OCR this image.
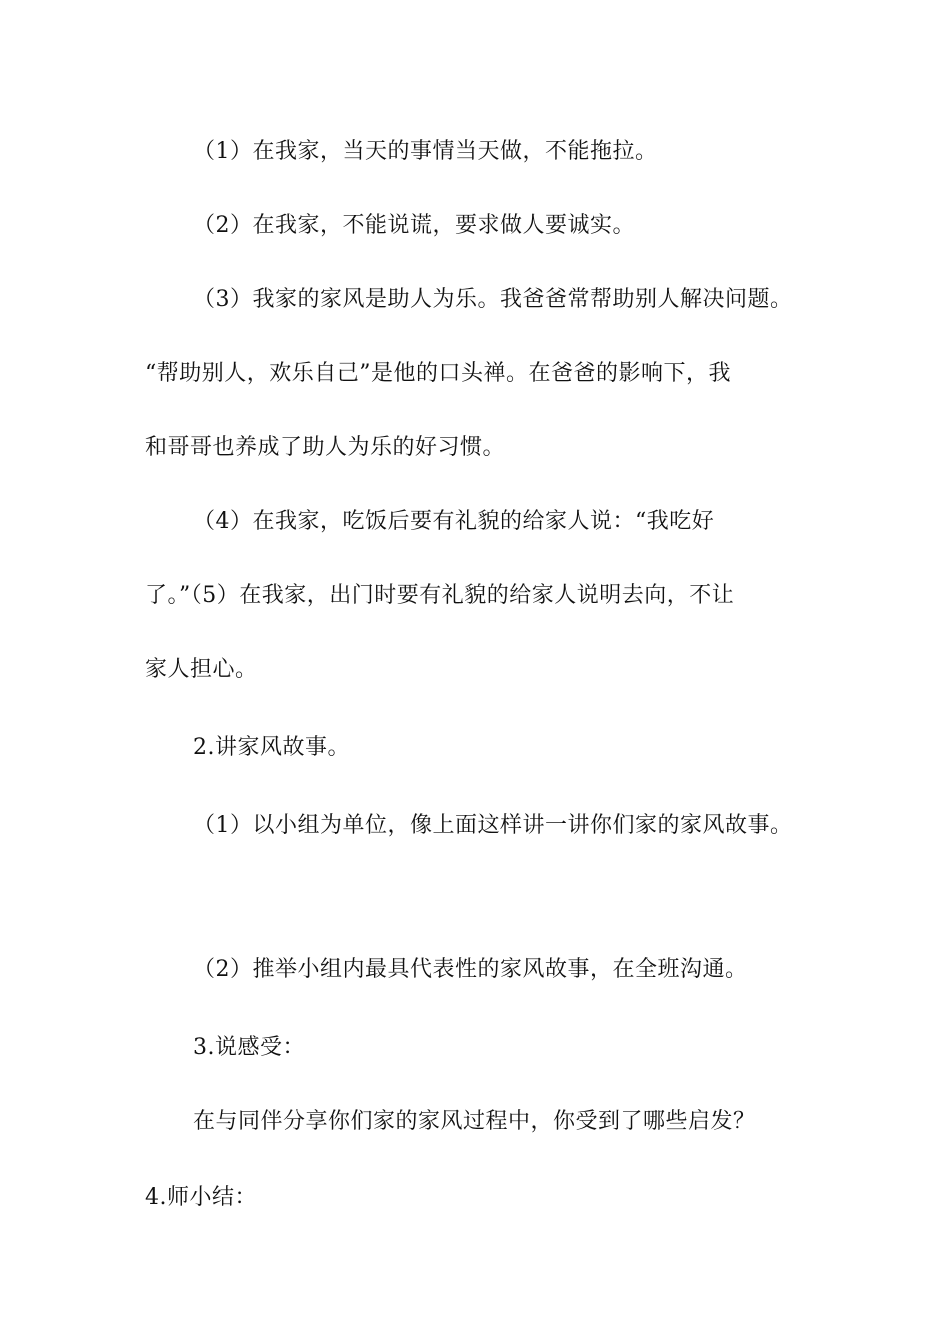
（1）在我家，当天的事情当天做，不能拖拉。
（2）在我家，不能说谎，要求做人要诚实。
（3）我家的家风是助人为乐。我爸爸常帮助别人解决问题。
“帮助别人，欢乐自己”是他的口头禅。在爸爸的影响下，我
和哥哥也养成了助人为乐的好习惯。
（4）在我家，吃饭后要有礼貌的给家人说：“我吃好
了。”（5）在我家，出门时要有礼貌的给家人说明去向，不让
家人担心。
2.讲家风故事。
（1）以小组为单位，像上面这样讲一讲你们家的家风故事。
（2）推举小组内最具代表性的家风故事，在全班沟通。
3.说感受：
在与同伴分享你们家的家风过程中，你受到了哪些启发？
4.师小结：
